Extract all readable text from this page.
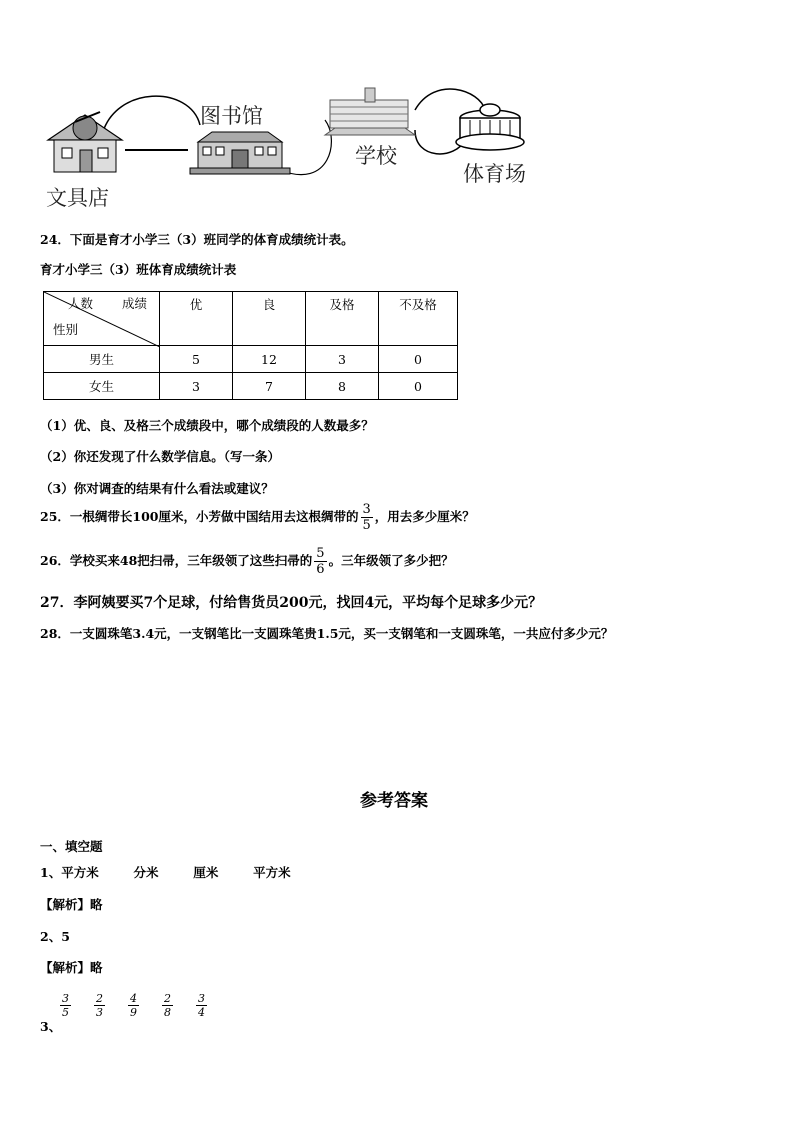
图书馆
学校
体育场
文具店
24．下面是育才小学三（3）班同学的体育成绩统计表。
育才小学三（3）班体育成绩统计表
人数 成绩
性别	优	良	及格	不及格
男生	5	12	3	0
女生	3	7	8	0
（1）优、良、及格三个成绩段中，哪个成绩段的人数最多？
（2）你还发现了什么数学信息。（写一条）
（3）你对调查的结果有什么看法或建议？
25．一根绸带长100厘米，小芳做中国结用去这根绸带的 $\frac{3}{5}$ ，用去多少厘米？
26．学校买来48把扫帚，三年级领了这些扫帚的 $\frac{5}{6}$ 。三年级领了多少把？
27．李阿姨要买7个足球，付给售货员200元，找回4元，平均每个足球多少元？
28．一支圆珠笔3.4元，一支钢笔比一支圆珠笔贵1.5元，买一支钢笔和一支圆珠笔，一共应付多少元？
参考答案
一、填空题
1、平方米        分米        厘米        平方米
【解析】略
2、5
【解析】略
3、
$\frac{3}{5} \frac{2}{3} \frac{4}{9} \frac{2}{8} \frac{3}{4}$
